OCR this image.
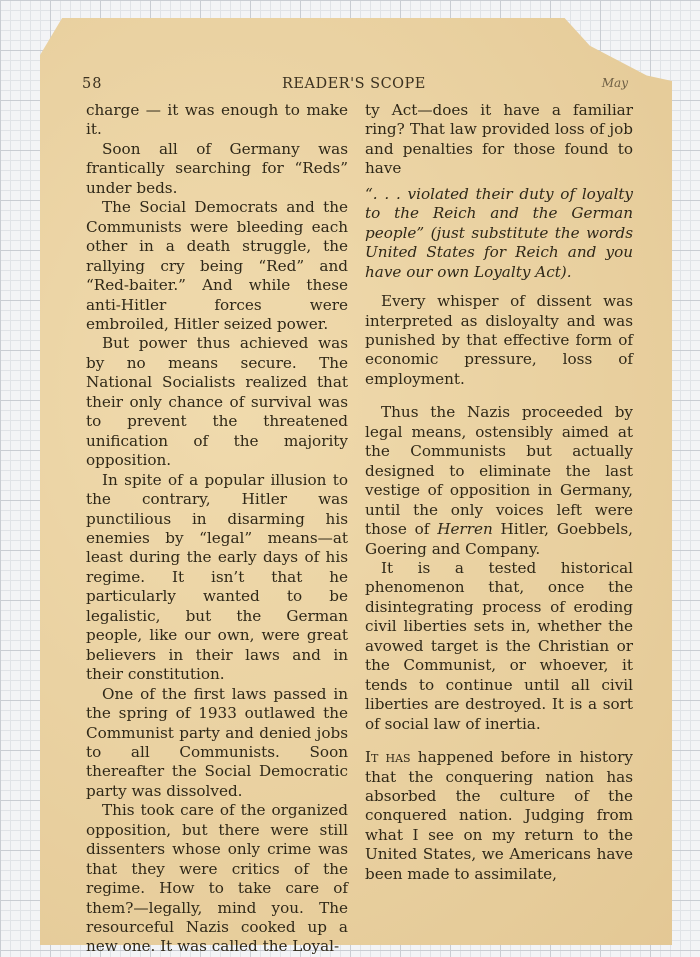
58	READER'S SCOPE	May

charge — it was enough to make it.

Soon all of Germany was frantically searching for “Reds” under beds.

The Social Democrats and the Communists were bleeding each other in a death struggle, the rallying cry being “Red” and “Red-baiter.” And while these anti-Hitler forces were embroiled, Hitler seized power.

But power thus achieved was by no means secure. The National Socialists realized that their only chance of survival was to prevent the threatened unification of the majority opposition.

In spite of a popular illusion to the contrary, Hitler was punctilious in disarming his enemies by “legal” means—at least during the early days of his regime. It isn’t that he particularly wanted to be legalistic, but the German people, like our own, were great believers in their laws and in their constitution.

One of the first laws passed in the spring of 1933 outlawed the Communist party and denied jobs to all Communists. Soon thereafter the Social Democratic party was dissolved.

This took care of the organized opposition, but there were still dissenters whose only crime was that they were critics of the regime. How to take care of them?—legally, mind you. The resourceful Nazis cooked up a new one. It was called the Loyal-

ty Act—does it have a familiar ring? That law provided loss of job and penalties for those found to have

“. . . violated their duty of loyalty to the Reich and the German people” (just substitute the words United States for Reich and you have our own Loyalty Act).

Every whisper of dissent was interpreted as disloyalty and was punished by that effective form of economic pressure, loss of employment.

Thus the Nazis proceeded by legal means, ostensibly aimed at the Communists but actually designed to eliminate the last vestige of opposition in Germany, until the only voices left were those of Herren Hitler, Goebbels, Goering and Company.

It is a tested historical phenomenon that, once the disintegrating process of eroding civil liberties sets in, whether the avowed target is the Christian or the Communist, or whoever, it tends to continue until all civil liberties are destroyed. It is a sort of social law of inertia.

It has happened before in history that the conquering nation has absorbed the culture of the conquered nation. Judging from what I see on my return to the United States, we Americans have been made to assimilate,
